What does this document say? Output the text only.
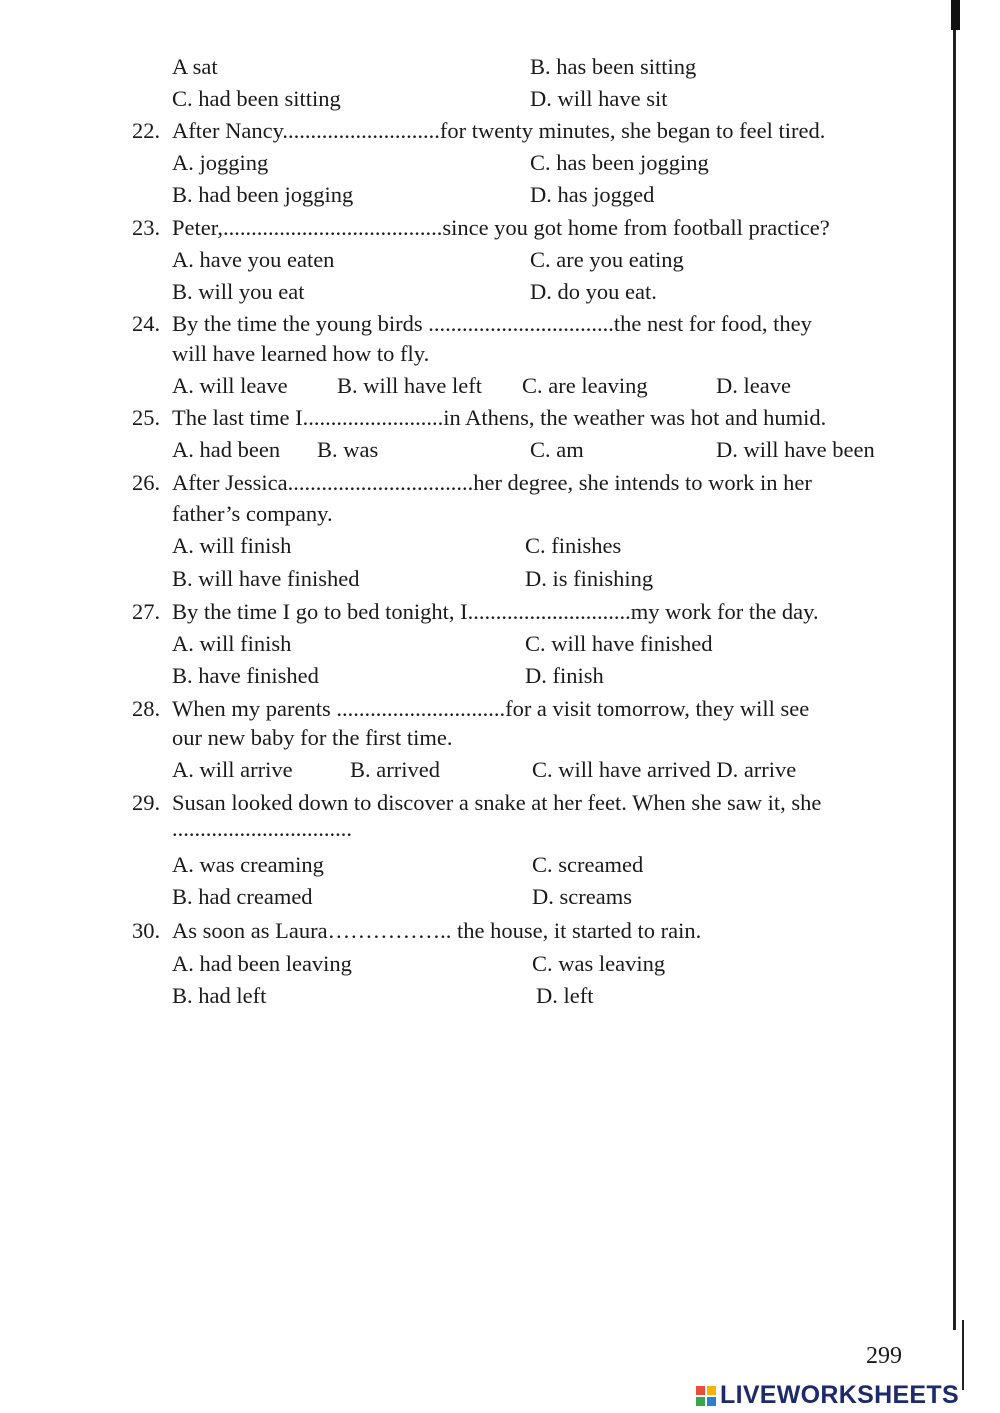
A sat	B. has been sitting
C. had been sitting	D. will have sit
22. After Nancy............................for twenty minutes, she began to feel tired.
A. jogging	C. has been jogging
B. had been jogging	D. has jogged
23. Peter,.......................................since you got home from football practice?
A. have you eaten	C. are you eating
B. will you eat	D. do you eat.
24. By the time the young birds .................................the nest for food, they
will have learned how to fly.
A. will leave B. will have left C. are leaving	D. leave
25. The last time I.........................in Athens, the weather was hot and humid.
A. had been B. was	C. am	D. will have been
26. After Jessica.................................her degree, she intends to work in her
father’s company.
A. will finish	C. finishes
B. will have finished	D. is finishing
27. By the time I go to bed tonight, I.............................my work for the day.
A. will finish	C. will have finished
B. have finished	D. finish
28. When my parents ..............................for a visit tomorrow, they will see
our new baby for the first time.
A. will arrive	B. arrived	C. will have arrived D. arrive
29. Susan looked down to discover a snake at her feet. When she saw it, she
................................
A. was creaming	C. screamed
B. had creamed	D. screams
30. As soon as Laura…………….. the house, it started to rain.
A. had been leaving	C. was leaving
B. had left	D. left
299
LIVEWORKSHEETS
